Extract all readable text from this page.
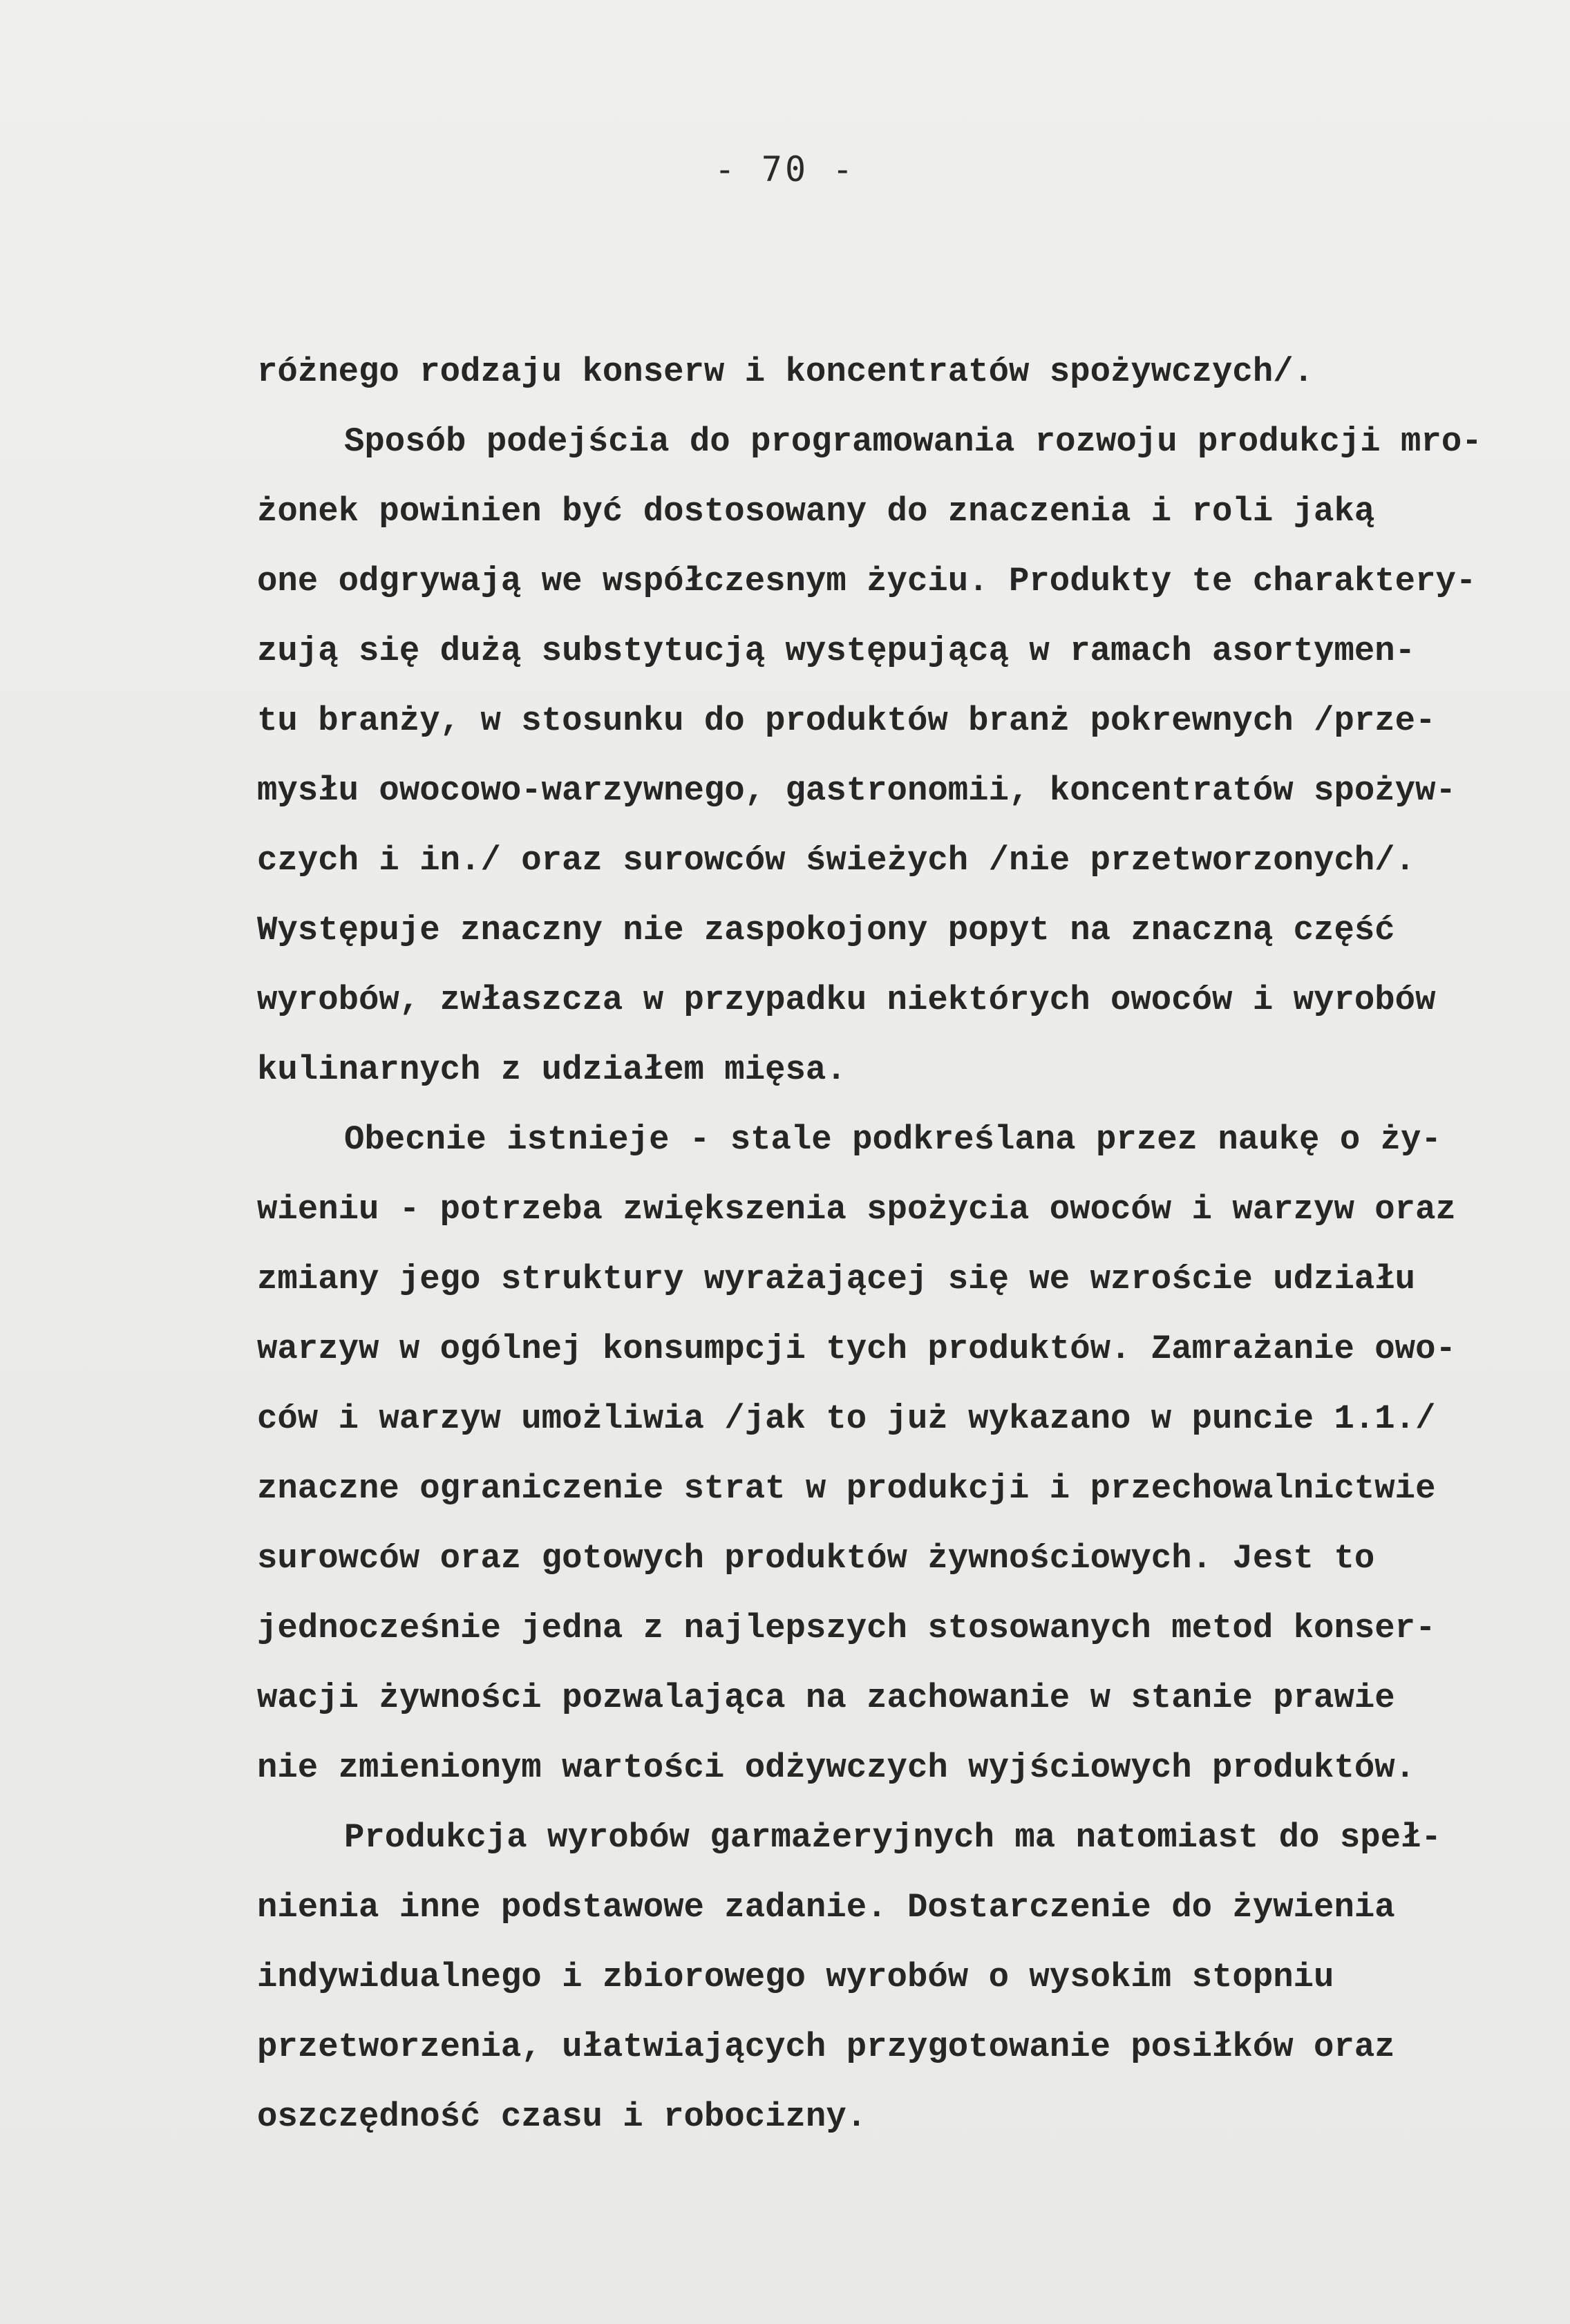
- 70 -
różnego rodzaju konserw i koncentratów spożywczych/.
Sposób podejścia do programowania rozwoju produkcji mro-
żonek powinien być dostosowany do znaczenia i roli jaką
one odgrywają we współczesnym życiu. Produkty te charaktery-
zują się dużą substytucją występującą w ramach asortymen-
tu branży, w stosunku do produktów branż pokrewnych /prze-
mysłu owocowo-warzywnego, gastronomii, koncentratów spożyw-
czych i in./ oraz surowców świeżych /nie przetworzonych/.
Występuje znaczny nie zaspokojony popyt na znaczną część
wyrobów, zwłaszcza w przypadku niektórych owoców i wyrobów
kulinarnych z udziałem mięsa.
Obecnie istnieje - stale podkreślana przez naukę o ży-
wieniu - potrzeba zwiększenia spożycia owoców i warzyw oraz
zmiany jego struktury wyrażającej się we wzroście udziału
warzyw w ogólnej konsumpcji tych produktów. Zamrażanie owo-
ców i warzyw umożliwia /jak to już wykazano w puncie 1.1./
znaczne ograniczenie strat w produkcji i przechowalnictwie
surowców oraz gotowych produktów żywnościowych. Jest to
jednocześnie jedna z najlepszych stosowanych metod konser-
wacji żywności pozwalająca na zachowanie w stanie prawie
nie zmienionym wartości odżywczych wyjściowych produktów.
Produkcja wyrobów garmażeryjnych ma natomiast do speł-
nienia inne podstawowe zadanie. Dostarczenie do żywienia
indywidualnego i zbiorowego wyrobów o wysokim stopniu
przetworzenia, ułatwiających przygotowanie posiłków oraz
oszczędność czasu i robocizny.
